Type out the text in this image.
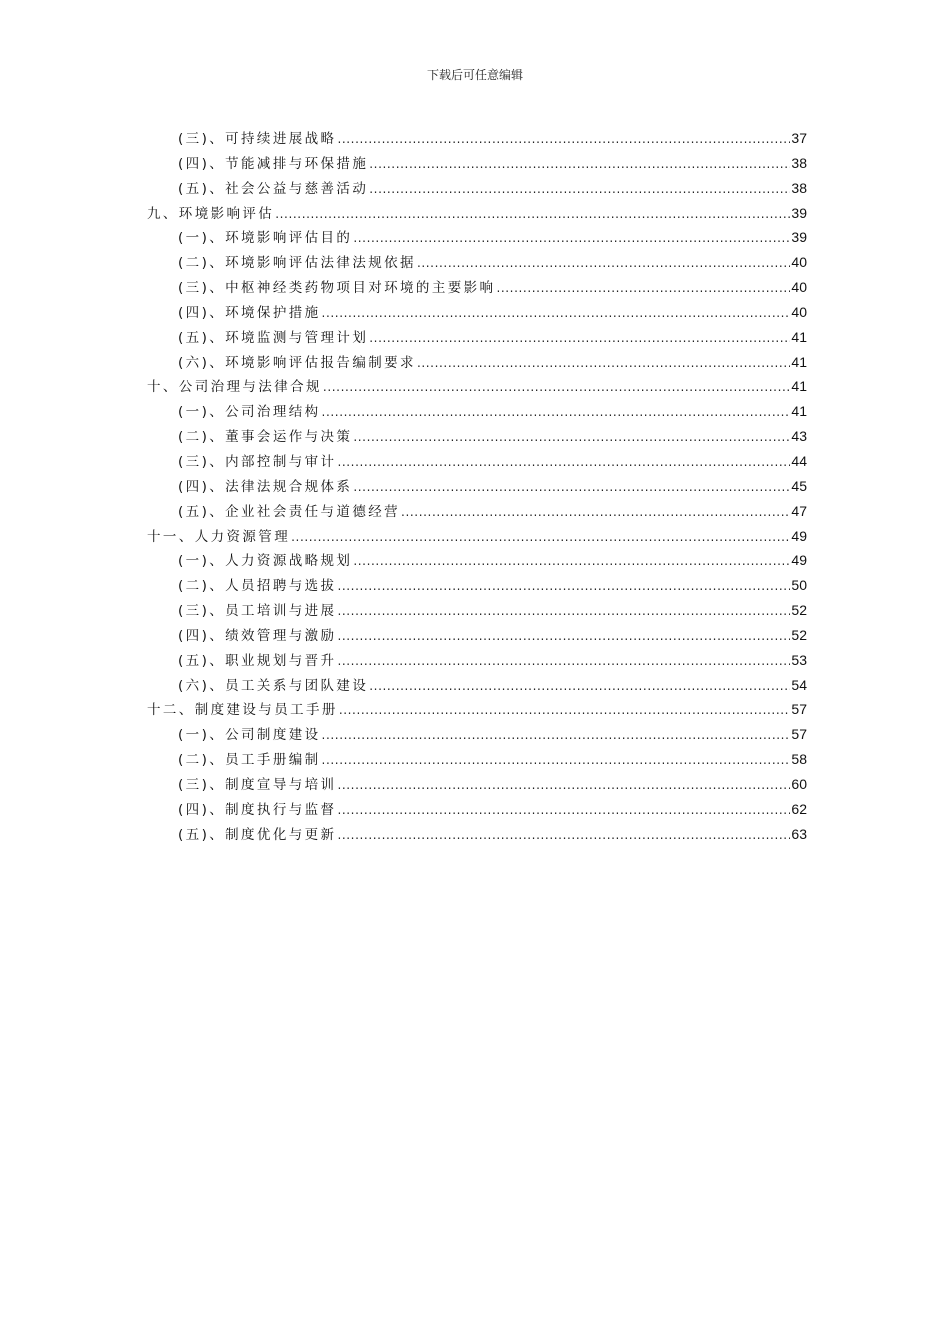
下载后可任意编辑
(三)、可持续进展战略 .....	37
(四)、节能减排与环保措施 .....	38
(五)、社会公益与慈善活动 .....	38
九、环境影响评估 .....	39
(一)、环境影响评估目的 .....	39
(二)、环境影响评估法律法规依据 .....	40
(三)、中枢神经类药物项目对环境的主要影响 .....	40
(四)、环境保护措施 .....	40
(五)、环境监测与管理计划 .....	41
(六)、环境影响评估报告编制要求 .....	41
十、公司治理与法律合规 .....	41
(一)、公司治理结构 .....	41
(二)、董事会运作与决策 .....	43
(三)、内部控制与审计 .....	44
(四)、法律法规合规体系 .....	45
(五)、企业社会责任与道德经营 .....	47
十一、人力资源管理 .....	49
(一)、人力资源战略规划 .....	49
(二)、人员招聘与选拔 .....	50
(三)、员工培训与进展 .....	52
(四)、绩效管理与激励 .....	52
(五)、职业规划与晋升 .....	53
(六)、员工关系与团队建设 .....	54
十二、制度建设与员工手册 .....	57
(一)、公司制度建设 .....	57
(二)、员工手册编制 .....	58
(三)、制度宣导与培训 .....	60
(四)、制度执行与监督 .....	62
(五)、制度优化与更新 .....	63
